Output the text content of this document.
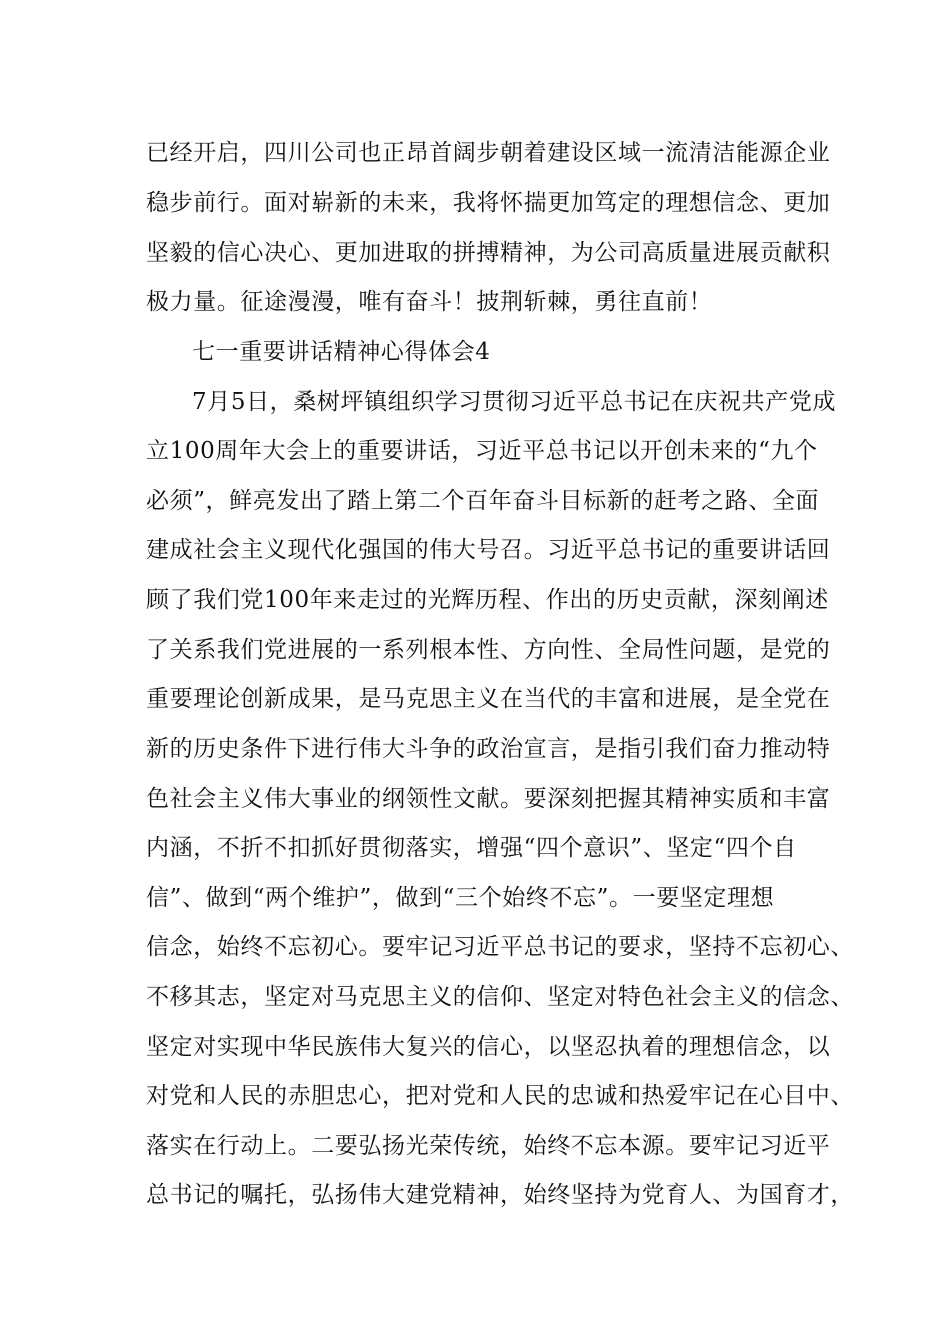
已经开启，四川公司也正昂首阔步朝着建设区域一流清洁能源企业
稳步前行。面对崭新的未来，我将怀揣更加笃定的理想信念、更加
坚毅的信心决心、更加进取的拼搏精神，为公司高质量进展贡献积
极力量。征途漫漫，唯有奋斗！披荆斩棘，勇往直前！
七一重要讲话精神心得体会4
7月5日，桑树坪镇组织学习贯彻习近平总书记在庆祝共产党成
立100周年大会上的重要讲话，习近平总书记以开创未来的“九个
必须”，鲜亮发出了踏上第二个百年奋斗目标新的赶考之路、全面
建成社会主义现代化强国的伟大号召。习近平总书记的重要讲话回
顾了我们党100年来走过的光辉历程、作出的历史贡献，深刻阐述
了关系我们党进展的一系列根本性、方向性、全局性问题，是党的
重要理论创新成果，是马克思主义在当代的丰富和进展，是全党在
新的历史条件下进行伟大斗争的政治宣言，是指引我们奋力推动特
色社会主义伟大事业的纲领性文献。要深刻把握其精神实质和丰富
内涵，不折不扣抓好贯彻落实，增强“四个意识”、坚定“四个自
信”、做到“两个维护”，做到“三个始终不忘”。一要坚定理想
信念，始终不忘初心。要牢记习近平总书记的要求，坚持不忘初心、
不移其志，坚定对马克思主义的信仰、坚定对特色社会主义的信念、
坚定对实现中华民族伟大复兴的信心，以坚忍执着的理想信念，以
对党和人民的赤胆忠心，把对党和人民的忠诚和热爱牢记在心目中、
落实在行动上。二要弘扬光荣传统，始终不忘本源。要牢记习近平
总书记的嘱托，弘扬伟大建党精神，始终坚持为党育人、为国育才，
